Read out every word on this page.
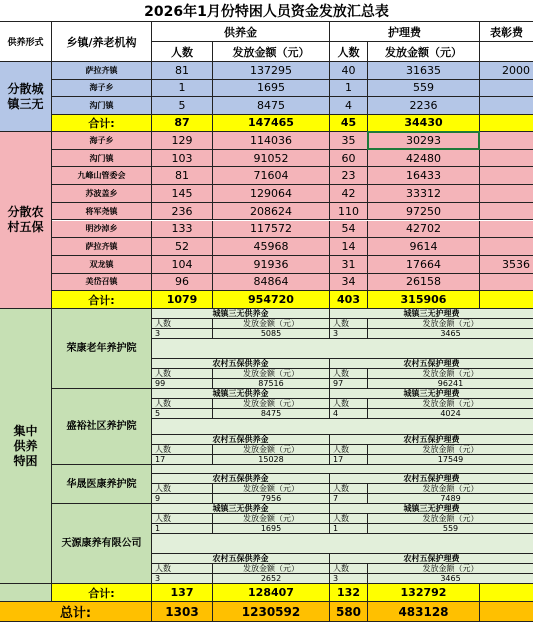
2026年1月份特困人员资金发放汇总表
供养形式	乡镇/养老机构
供养金	护理费	表彰费
人数	发放金额（元）	人数	发放金额（元）
分散城镇三无
萨拉齐镇	81	137295	40	31635	2000
海子乡	1	1695	1	559
沟门镇	5	8475	4	2236
合计:	87	147465	45	34430
分散农村五保
海子乡	129	114036	35	30293
沟门镇	103	91052	60	42480
九峰山管委会	81	71604	23	16433
苏波盖乡	145	129064	42	33312
将军尧镇	236	208624	110	97250
明沙淖乡	133	117572	54	42702
萨拉齐镇	52	45968	14	9614
双龙镇	104	91936	31	17664	3536
美岱召镇	96	84864	34	26158
合计:	1079	954720	403	315906
集中供养特困
荣康老年养护院
城镇三无供养金	城镇三无护理费
人数	发放金额（元）	人数	发放金额（元）
3	5085	3	3465
农村五保供养金	农村五保护理费
人数	发放金额（元）	人数	发放金额（元）
99	87516	97	96241
盛裕社区养护院
城镇三无供养金	城镇三无护理费
人数	发放金额（元）	人数	发放金额（元）
5	8475	4	4024
农村五保供养金	农村五保护理费
人数	发放金额（元）	人数	发放金额（元）
17	15028	17	17549
华晟医康养护院	农村五保供养金	农村五保护理费
人数	发放金额（元）	人数	发放金额（元）
9	7956	7	7489
天源康养有限公司
城镇三无供养金	城镇三无护理费
人数	发放金额（元）	人数	发放金额（元）
1	1695	1	559
农村五保供养金	农村五保护理费
人数	发放金额（元）	人数	发放金额（元）
3	2652	3	3465
合计:	137	128407	132	132792
总计:	1303	1230592	580	483128
